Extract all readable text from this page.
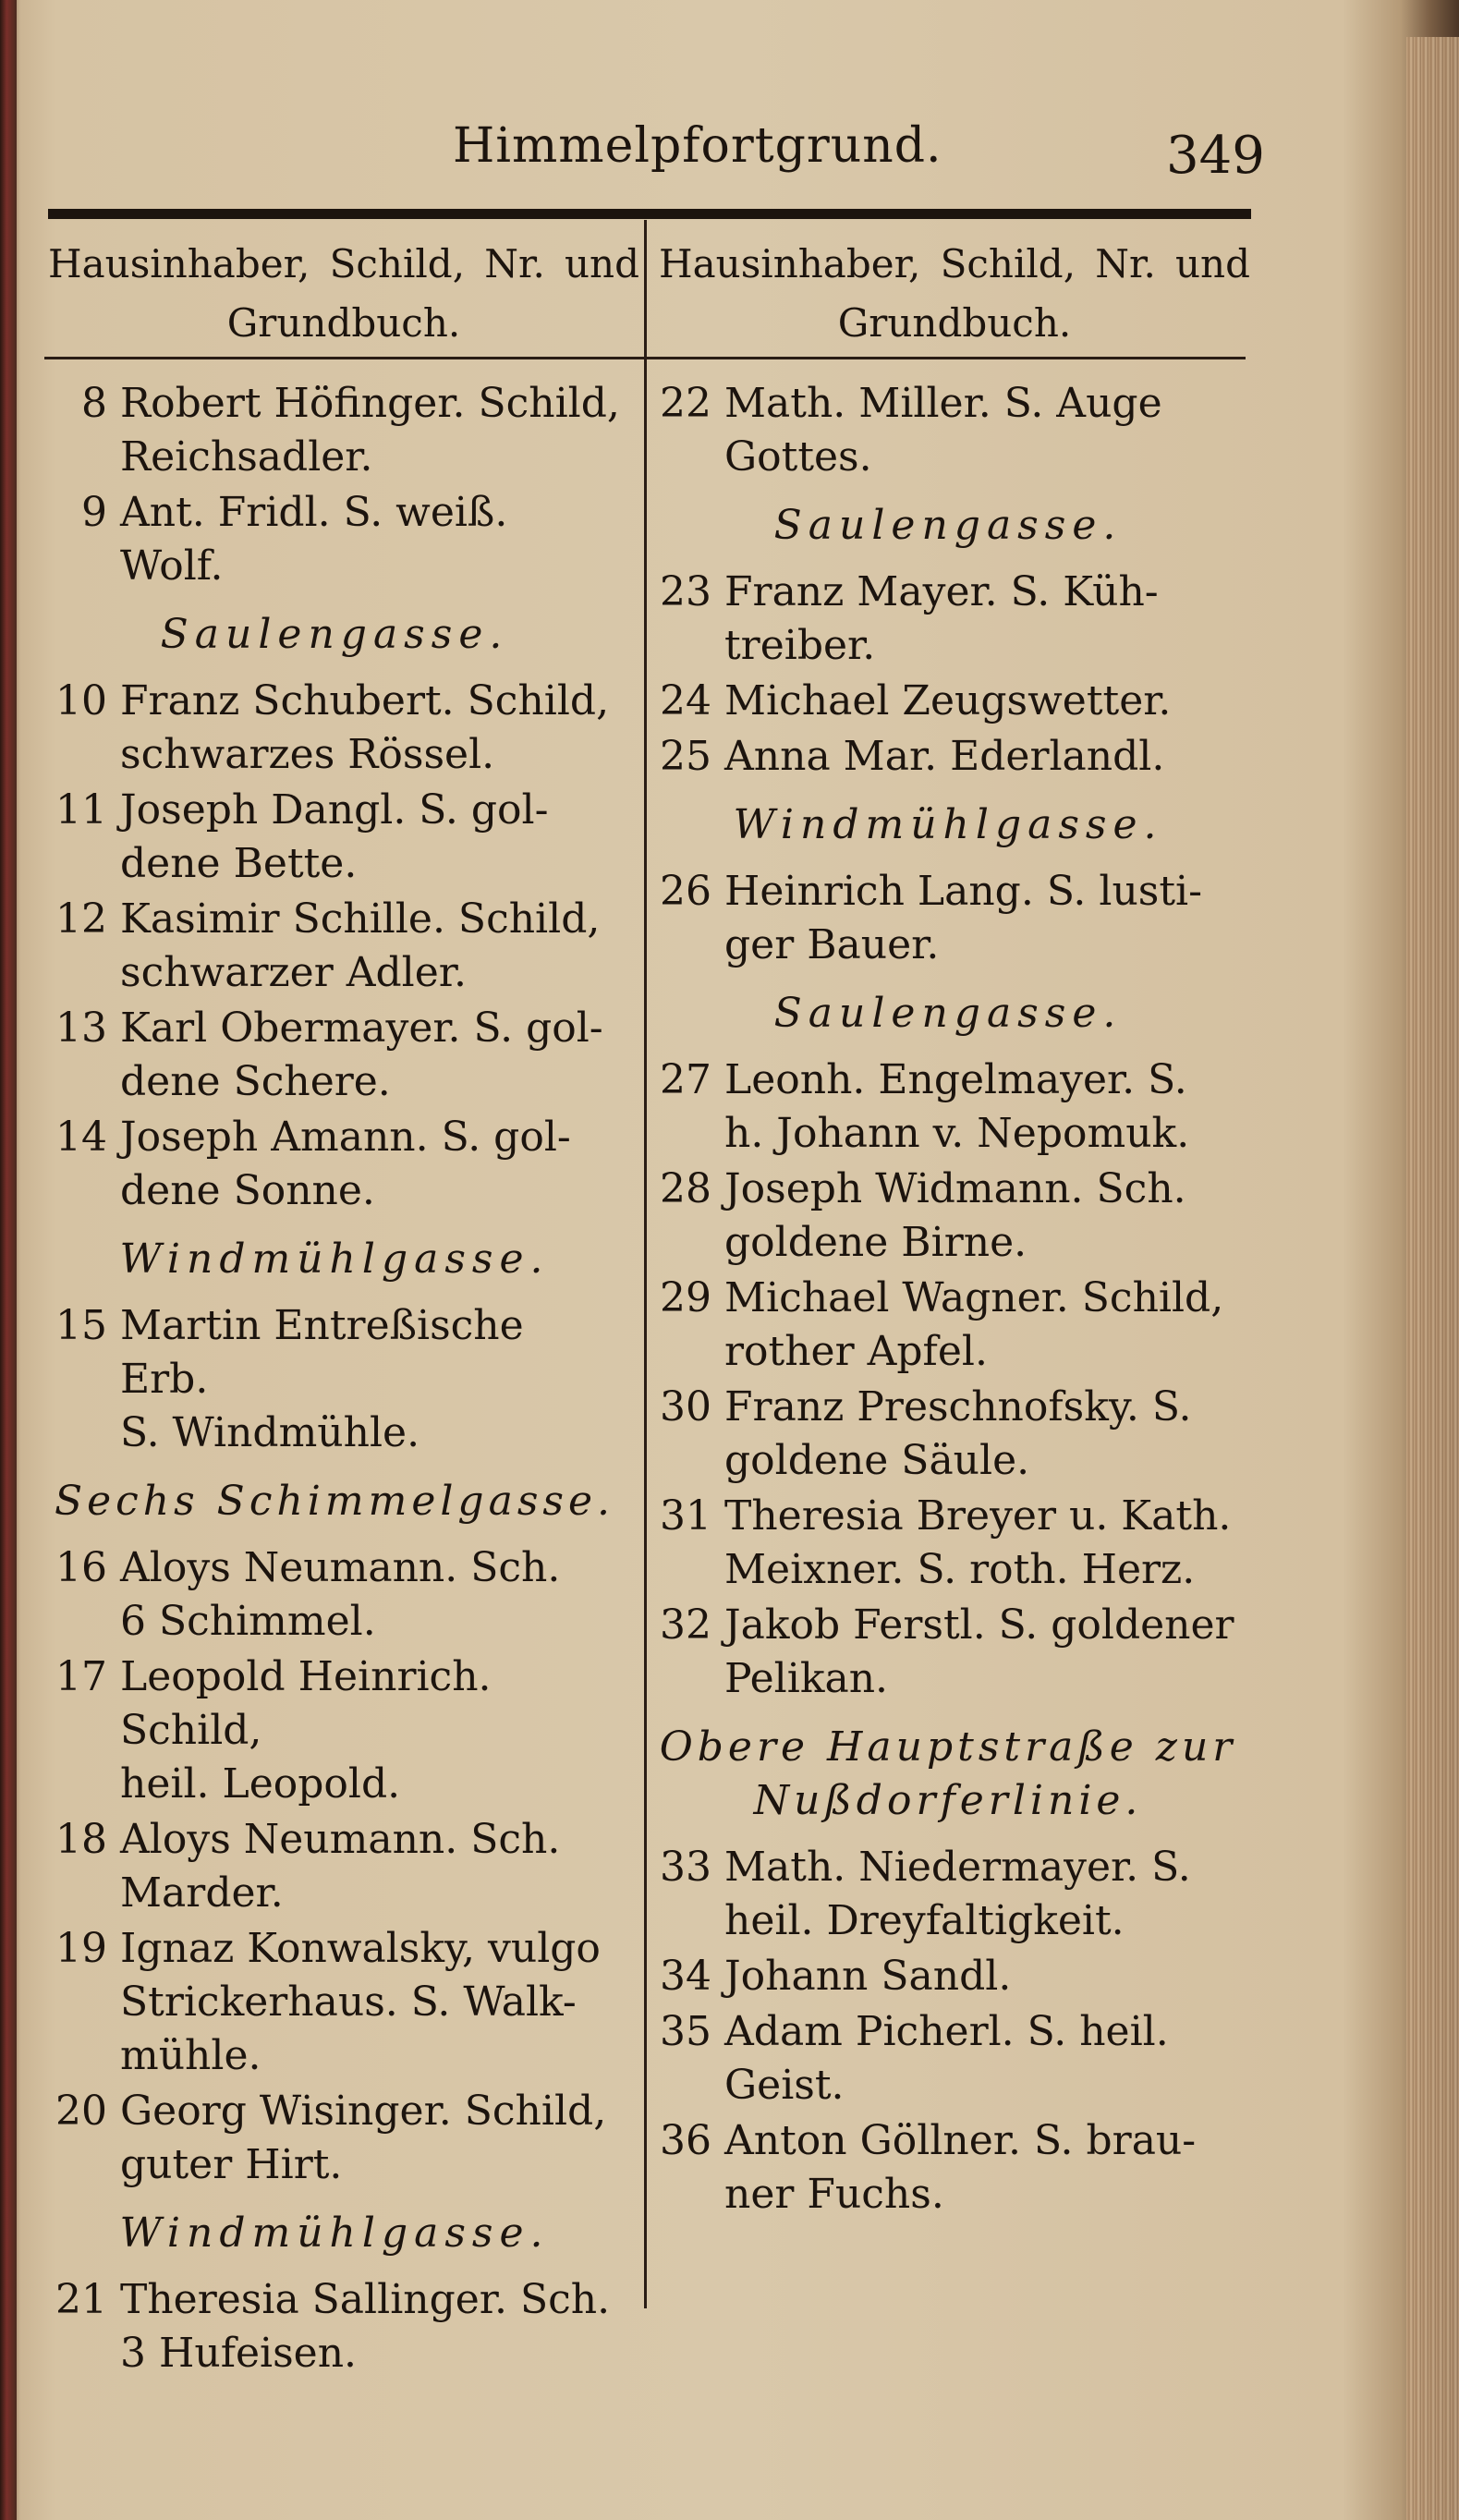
Himmelpfortgrund.	349
Hausinhaber, Schild, Nr. und
Grundbuch.
Hausinhaber, Schild, Nr. und
Grundbuch.
8 Robert Höfinger. Schild,
Reichsadler.
9 Ant. Fridl. S. weiß. Wolf.
Saulengasse.
10 Franz Schubert. Schild,
schwarzes Rössel.
11 Joseph Dangl. S. gol-
dene Bette.
12 Kasimir Schille. Schild,
schwarzer Adler.
13 Karl Obermayer. S. gol-
dene Schere.
14 Joseph Amann. S. gol-
dene Sonne.
Windmühlgasse.
15 Martin Entreßische Erb.
S. Windmühle.
Sechs Schimmelgasse.
16 Aloys Neumann. Sch.
6 Schimmel.
17 Leopold Heinrich. Schild,
heil. Leopold.
18 Aloys Neumann. Sch.
Marder.
19 Ignaz Konwalsky, vulgo
Strickerhaus. S. Walk-
mühle.
20 Georg Wisinger. Schild,
guter Hirt.
Windmühlgasse.
21 Theresia Sallinger. Sch.
3 Hufeisen.
22 Math. Miller. S. Auge
Gottes.
Saulengasse.
23 Franz Mayer. S. Küh-
treiber.
24 Michael Zeugswetter.
25 Anna Mar. Ederlandl.
Windmühlgasse.
26 Heinrich Lang. S. lusti-
ger Bauer.
Saulengasse.
27 Leonh. Engelmayer. S.
h. Johann v. Nepomuk.
28 Joseph Widmann. Sch.
goldene Birne.
29 Michael Wagner. Schild,
rother Apfel.
30 Franz Preschnofsky. S.
goldene Säule.
31 Theresia Breyer u. Kath.
Meixner. S. roth. Herz.
32 Jakob Ferstl. S. goldener
Pelikan.
Obere Hauptstraße zur Nußdorferlinie.
33 Math. Niedermayer. S.
heil. Dreyfaltigkeit.
34 Johann Sandl.
35 Adam Picherl. S. heil.
Geist.
36 Anton Göllner. S. brau-
ner Fuchs.
